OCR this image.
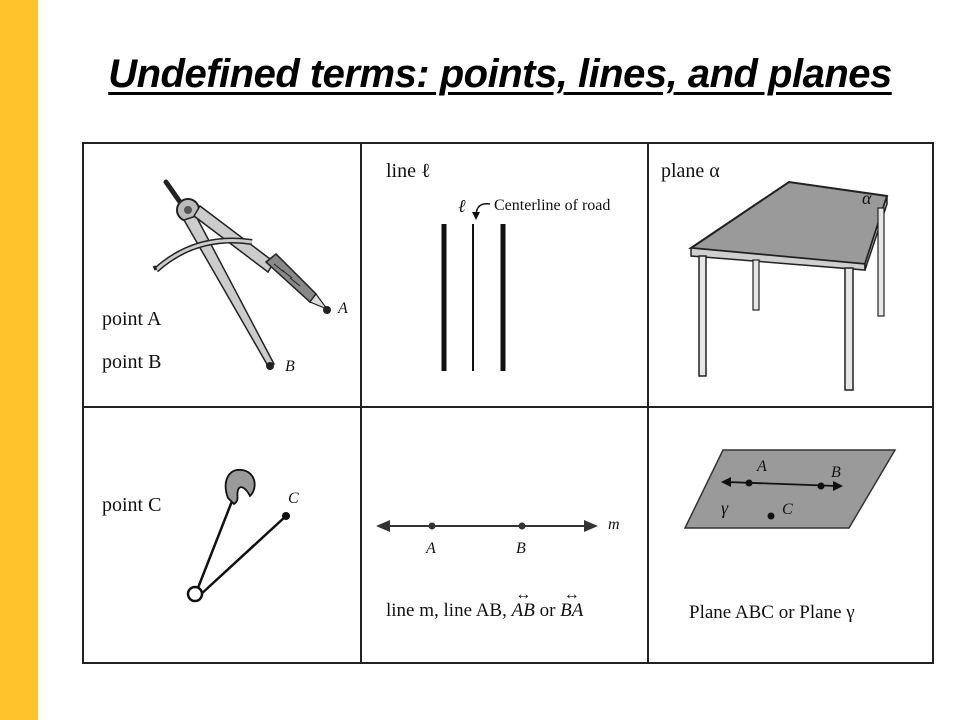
Undefined terms: points, lines, and planes
A
B
point A
point B
line ℓ
ℓ Centerline of road
plane α
α
point C	C
A	B
m
line m, line AB,
↔
AB or
↔
BA
A	B
C
γ
Plane ABC or Plane γ
